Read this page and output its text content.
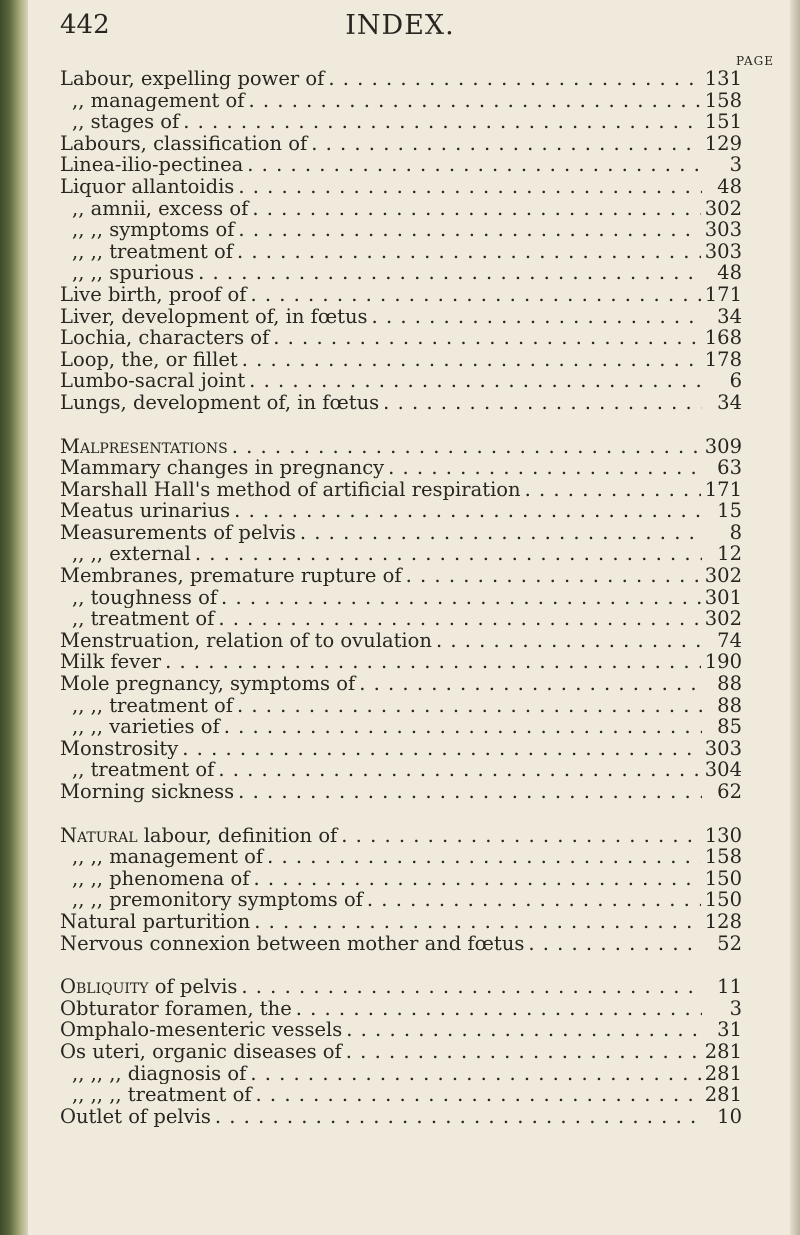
442	INDEX.
PAGE
Labour, expelling power of . . .	131
,, management of . . .	158
,, stages of . . .	151
Labours, classification of . . .	129
Linea-ilio-pectinea . . .	3
Liquor allantoidis . . .	48
,, amnii, excess of . . .	302
,, ,, symptoms of . . .	303
,, ,, treatment of . . .	303
,, ,, spurious . . .	48
Live birth, proof of . . .	171
Liver, development of, in fœtus . . .	34
Lochia, characters of . . .	168
Loop, the, or fillet . . .	178
Lumbo-sacral joint . . .	6
Lungs, development of, in fœtus . . .	34
Malpresentations . . .	309
Mammary changes in pregnancy . . .	63
Marshall Hall's method of artificial respiration . . .	171
Meatus urinarius . . .	15
Measurements of pelvis . . .	8
,, ,, external . . .	12
Membranes, premature rupture of . . .	302
,, toughness of . . .	301
,, treatment of . . .	302
Menstruation, relation of to ovulation . . .	74
Milk fever . . .	190
Mole pregnancy, symptoms of . . .	88
,, ,, treatment of . . .	88
,, ,, varieties of . . .	85
Monstrosity . . .	303
,, treatment of . . .	304
Morning sickness . . .	62
Natural labour, definition of . . .	130
,, ,, management of . . .	158
,, ,, phenomena of . . .	150
,, ,, premonitory symptoms of . . .	150
Natural parturition . . .	128
Nervous connexion between mother and fœtus . . .	52
Obliquity of pelvis . . .	11
Obturator foramen, the . . .	3
Omphalo-mesenteric vessels . . .	31
Os uteri, organic diseases of . . .	281
,, ,, ,, diagnosis of . . .	281
,, ,, ,, treatment of . . .	281
Outlet of pelvis . . .	10
